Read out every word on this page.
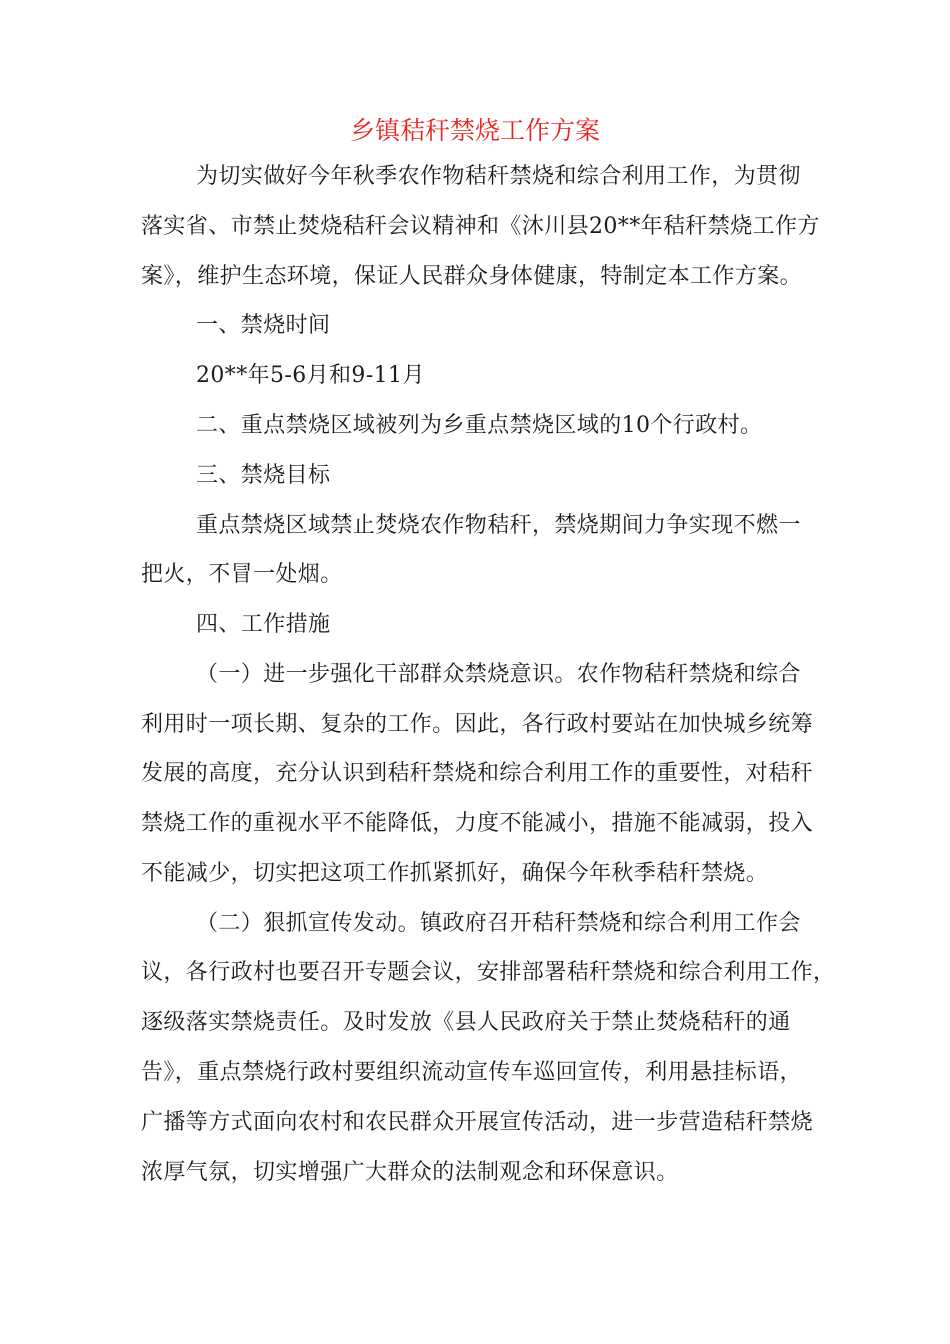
乡镇秸秆禁烧工作方案
为切实做好今年秋季农作物秸秆禁烧和综合利用工作，为贯彻
落实省、市禁止焚烧秸秆会议精神和《沐川县20**年秸秆禁烧工作方
案》，维护生态环境，保证人民群众身体健康，特制定本工作方案。
一、禁烧时间
20**年5-6月和9-11月
二、重点禁烧区域被列为乡重点禁烧区域的10个行政村。
三、禁烧目标
重点禁烧区域禁止焚烧农作物秸秆，禁烧期间力争实现不燃一
把火，不冒一处烟。
四、工作措施
（一）进一步强化干部群众禁烧意识。农作物秸秆禁烧和综合
利用时一项长期、复杂的工作。因此，各行政村要站在加快城乡统筹
发展的高度，充分认识到秸秆禁烧和综合利用工作的重要性，对秸秆
禁烧工作的重视水平不能降低，力度不能减小，措施不能减弱，投入
不能减少，切实把这项工作抓紧抓好，确保今年秋季秸秆禁烧。
（二）狠抓宣传发动。镇政府召开秸秆禁烧和综合利用工作会
议，各行政村也要召开专题会议，安排部署秸秆禁烧和综合利用工作，
逐级落实禁烧责任。及时发放《县人民政府关于禁止焚烧秸秆的通
告》，重点禁烧行政村要组织流动宣传车巡回宣传，利用悬挂标语，
广播等方式面向农村和农民群众开展宣传活动，进一步营造秸秆禁烧
浓厚气氛，切实增强广大群众的法制观念和环保意识。
